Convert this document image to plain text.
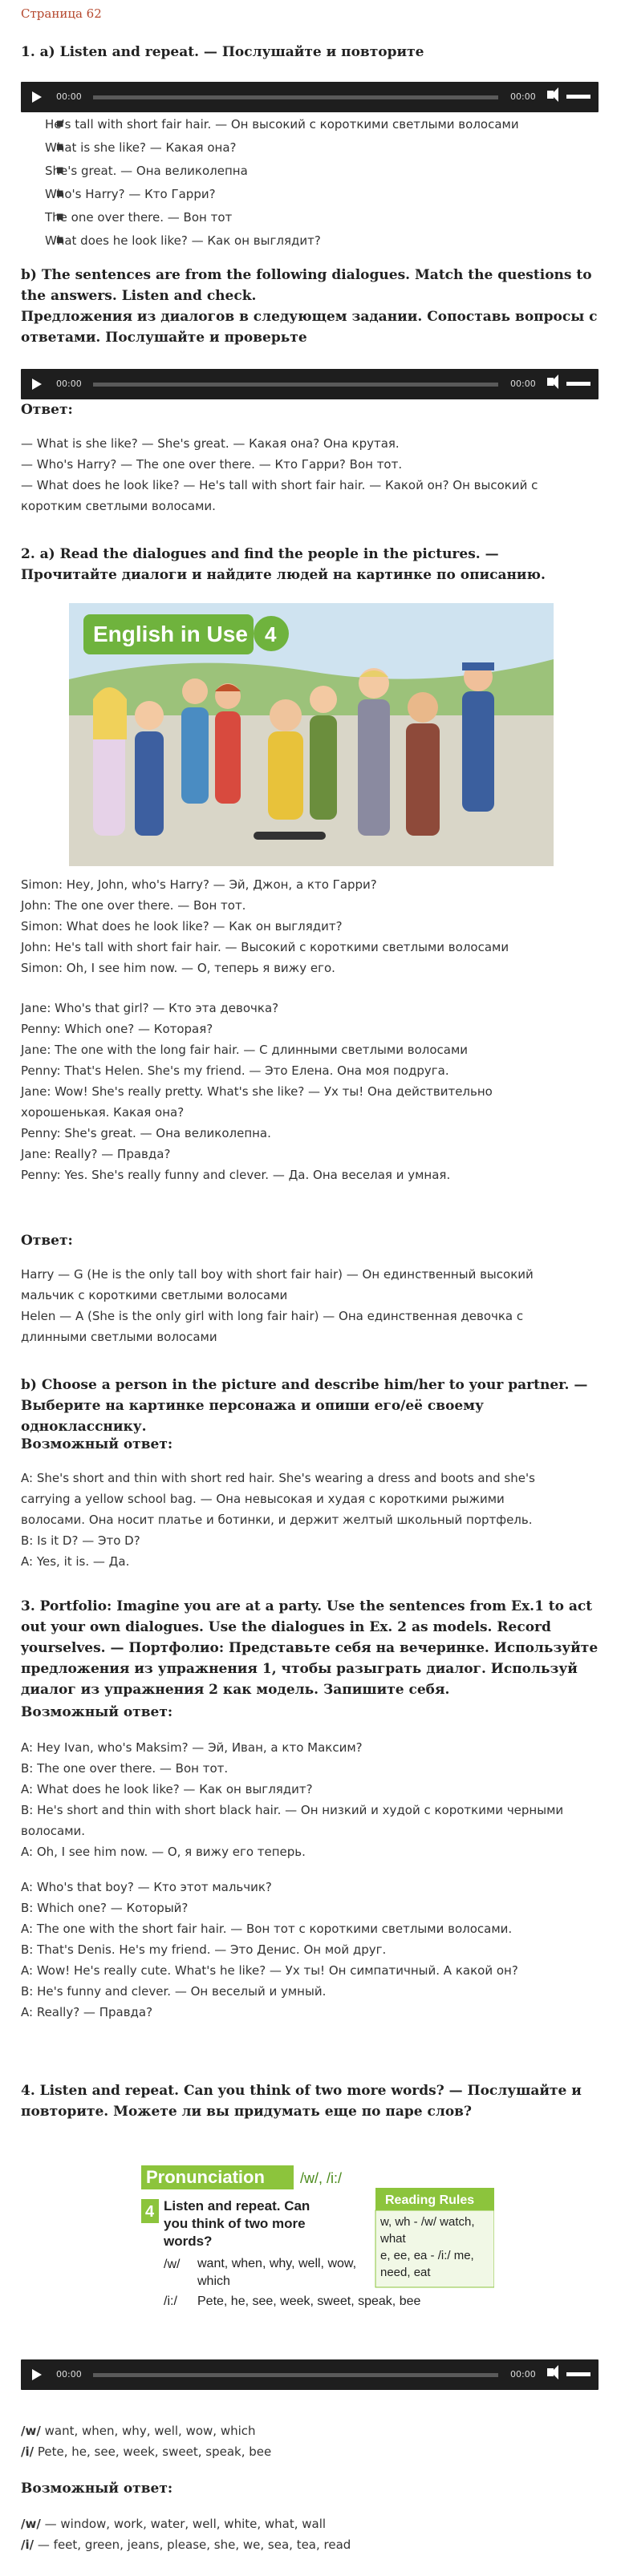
Страница 62
1. a) Listen and repeat. — Послушайте и повторите
00:00	00:00
■ He's tall with short fair hair. — Он высокий с короткими светлыми волосами
■ What is she like? — Какая она?
■ She's great. — Она великолепна
■ Who's Harry? — Кто Гарри?
■ The one over there. — Вон тот
■ What does he look like? — Как он выглядит?
b) The sentences are from the following dialogues. Match the questions to the answers. Listen and check.
Предложения из диалогов в следующем задании. Сопоставь вопросы с ответами. Послушайте и проверьте
00:00	00:00
Ответ:
— What is she like? — She's great. — Какая она? Она крутая.
— Who's Harry? — The one over there. — Кто Гарри? Вон тот.
— What does he look like? — He's tall with short fair hair. — Какой он? Он высокий с
коротким светлыми волосами.
2. a) Read the dialogues and find the people in the pictures. — Прочитайте диалоги и найдите людей на картинке по описанию.
English in Use 4
Simon: Hey, John, who's Harry? — Эй, Джон, а кто Гарри?
John: The one over there. — Вон тот.
Simon: What does he look like? — Как он выглядит?
John: He's tall with short fair hair. — Высокий с короткими светлыми волосами
Simon: Oh, I see him now. — О, теперь я вижу его.
Jane: Who's that girl? — Кто эта девочка?
Penny: Which one? — Которая?
Jane: The one with the long fair hair. — С длинными светлыми волосами
Penny: That's Helen. She's my friend. — Это Елена. Она моя подруга.
Jane: Wow! She's really pretty. What's she like? — Ух ты! Она действительно
хорошенькая. Какая она?
Penny: She's great. — Она великолепна.
Jane: Really? — Правда?
Penny: Yes. She's really funny and clever. — Да. Она веселая и умная.
Ответ:
Harry — G (He is the only tall boy with short fair hair) — Он единственный высокий
мальчик с короткими светлыми волосами
Helen — A (She is the only girl with long fair hair) — Она единственная девочка с
длинными светлыми волосами
b) Choose a person in the picture and describe him/her to your partner. — Выберите на картинке персонажа и опиши его/её своему однокласснику.
Возможный ответ:
A: She's short and thin with short red hair. She's wearing a dress and boots and she's
carrying a yellow school bag. — Она невысокая и худая с короткими рыжими
волосами. Она носит платье и ботинки, и держит желтый школьный портфель.
B: Is it D? — Это D?
A: Yes, it is. — Да.
3. Portfolio: Imagine you are at a party. Use the sentences from Ex.1 to act out your own dialogues. Use the dialogues in Ex. 2 as models. Record yourselves. — Портфолио: Представьте себя на вечеринке. Используйте предложения из упражнения 1, чтобы разыграть диалог. Используй диалог из упражнения 2 как модель. Запишите себя.
Возможный ответ:
A: Hey Ivan, who's Maksim? — Эй, Иван, а кто Максим?
B: The one over there. — Вон тот.
A: What does he look like? — Как он выглядит?
B: He's short and thin with short black hair. — Он низкий и худой с короткими черными
волосами.
A: Oh, I see him now. — О, я вижу его теперь.
A: Who's that boy? — Кто этот мальчик?
B: Which one? — Который?
A: The one with the short fair hair. — Вон тот с короткими светлыми волосами.
B: That's Denis. He's my friend. — Это Денис. Он мой друг.
A: Wow! He's really cute. What's he like? — Ух ты! Он симпатичный. А какой он?
B: He's funny and clever. — Он веселый и умный.
A: Really? — Правда?
4. Listen and repeat. Can you think of two more words? — Послушайте и повторите. Можете ли вы придумать еще по паре слов?
Pronunciation /w/, /i:/
4 Listen and repeat. Can you think of two more words?
/w/ want, when, why, well, wow, which
/i:/ Pete, he, see, week, sweet, speak, bee
Reading Rules
w, wh - /w/ watch, what
e, ee, ea - /i:/ me, need, eat
00:00	00:00
/w/ want, when, why, well, wow, which
/i/ Pete, he, see, week, sweet, speak, bee
Возможный ответ:
/w/ — window, work, water, well, white, what, wall
/i/ — feet, green, jeans, please, she, we, sea, tea, read
